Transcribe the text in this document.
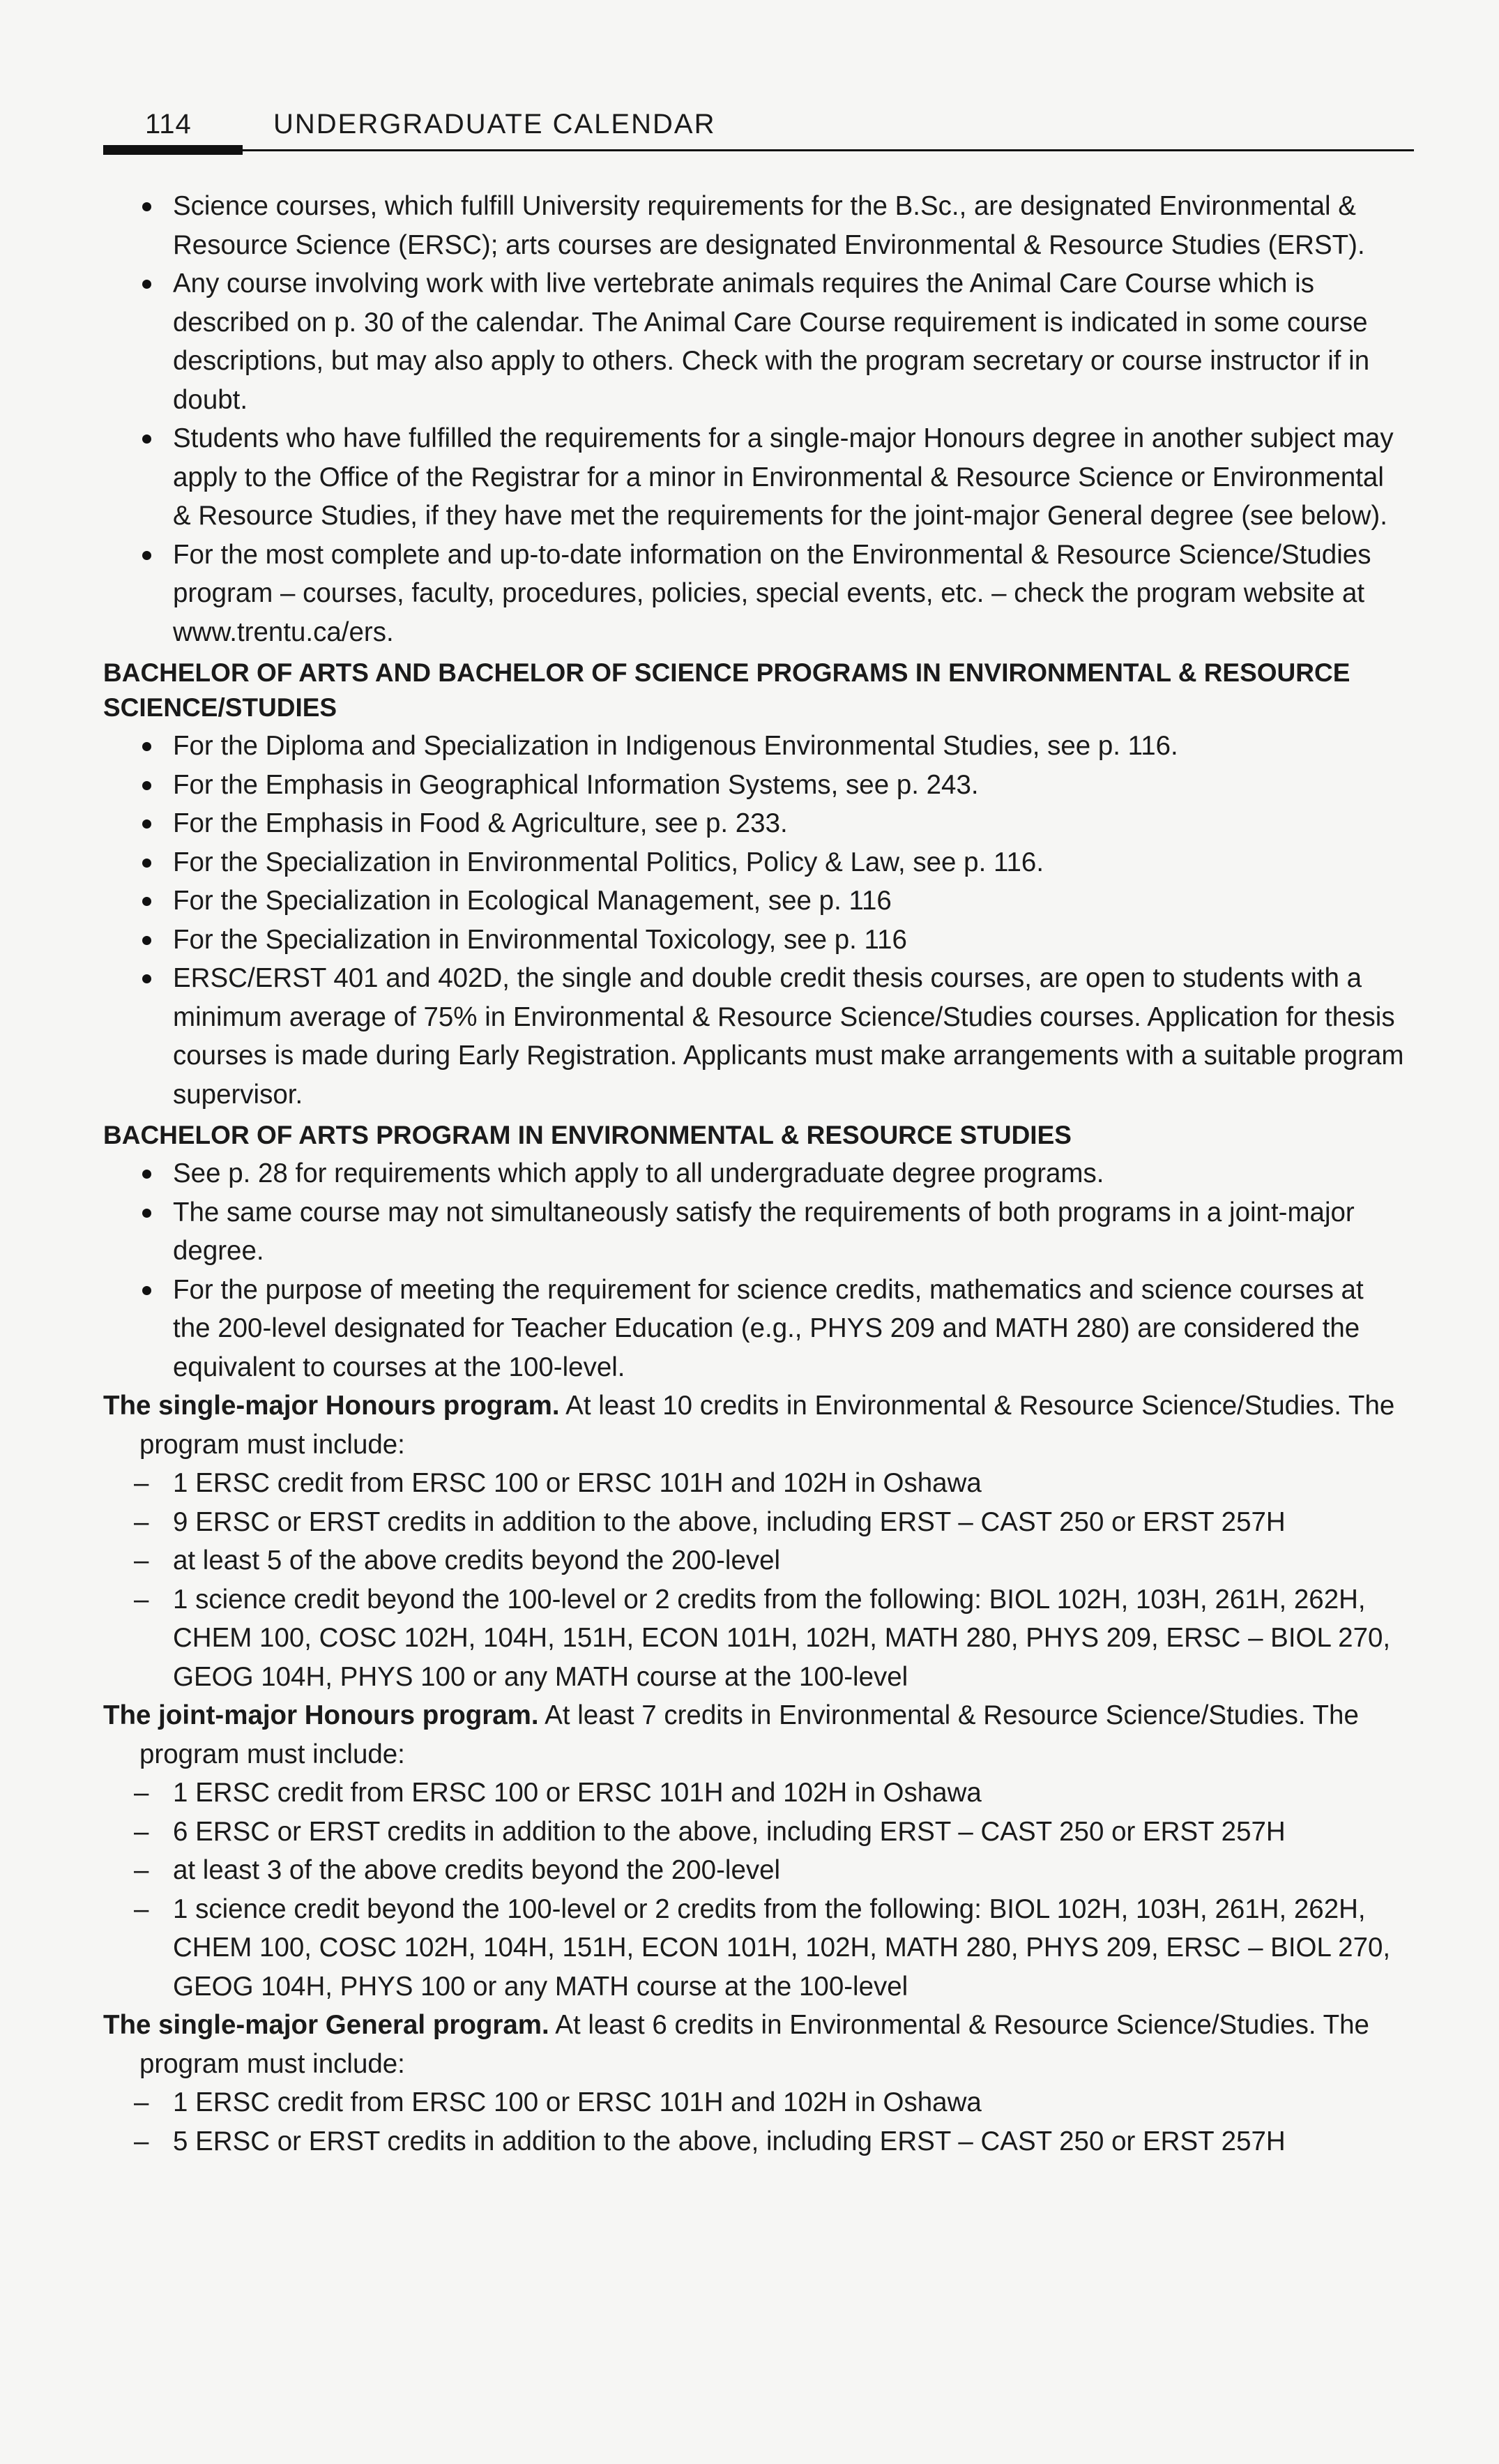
114	UNDERGRADUATE CALENDAR
Science courses, which fulfill University requirements for the B.Sc., are designated Environmental & Resource Science (ERSC); arts courses are designated Environmental & Resource Studies (ERST).
Any course involving work with live vertebrate animals requires the Animal Care Course which is described on p. 30 of the calendar. The Animal Care Course requirement is indicated in some course descriptions, but may also apply to others. Check with the program secretary or course instructor if in doubt.
Students who have fulfilled the requirements for a single-major Honours degree in another subject may apply to the Office of the Registrar for a minor in Environmental & Resource Science or Environmental & Resource Studies, if they have met the requirements for the joint-major General degree (see below).
For the most complete and up-to-date information on the Environmental & Resource Science/Studies program – courses, faculty, procedures, policies, special events, etc. – check the program website at www.trentu.ca/ers.
BACHELOR OF ARTS AND BACHELOR OF SCIENCE PROGRAMS IN ENVIRONMENTAL & RESOURCE SCIENCE/STUDIES
For the Diploma and Specialization in Indigenous Environmental Studies, see p. 116.
For the Emphasis in Geographical Information Systems, see p. 243.
For the Emphasis in Food & Agriculture, see p. 233.
For the Specialization in Environmental Politics, Policy & Law, see p. 116.
For the Specialization in Ecological Management, see p. 116
For the Specialization in Environmental Toxicology, see p. 116
ERSC/ERST 401 and 402D, the single and double credit thesis courses, are open to students with a minimum average of 75% in Environmental & Resource Science/Studies courses. Application for thesis courses is made during Early Registration. Applicants must make arrangements with a suitable program supervisor.
BACHELOR OF ARTS PROGRAM IN ENVIRONMENTAL & RESOURCE STUDIES
See p. 28 for requirements which apply to all undergraduate degree programs.
The same course may not simultaneously satisfy the requirements of both programs in a joint-major degree.
For the purpose of meeting the requirement for science credits, mathematics and science courses at the 200-level designated for Teacher Education (e.g., PHYS 209 and MATH 280) are considered the equivalent to courses at the 100-level.
The single-major Honours program. At least 10 credits in Environmental & Resource Science/Studies. The program must include:
– 1 ERSC credit from ERSC 100 or ERSC 101H and 102H in Oshawa
– 9 ERSC or ERST credits in addition to the above, including ERST – CAST 250 or ERST 257H
– at least 5 of the above credits beyond the 200-level
– 1 science credit beyond the 100-level or 2 credits from the following: BIOL 102H, 103H, 261H, 262H, CHEM 100, COSC 102H, 104H, 151H, ECON 101H, 102H, MATH 280, PHYS 209, ERSC – BIOL 270, GEOG 104H, PHYS 100 or any MATH course at the 100-level
The joint-major Honours program. At least 7 credits in Environmental & Resource Science/Studies. The program must include:
– 1 ERSC credit from ERSC 100 or ERSC 101H and 102H in Oshawa
– 6 ERSC or ERST credits in addition to the above, including ERST – CAST 250 or ERST 257H
– at least 3 of the above credits beyond the 200-level
– 1 science credit beyond the 100-level or 2 credits from the following: BIOL 102H, 103H, 261H, 262H, CHEM 100, COSC 102H, 104H, 151H, ECON 101H, 102H, MATH 280, PHYS 209, ERSC – BIOL 270, GEOG 104H, PHYS 100 or any MATH course at the 100-level
The single-major General program. At least 6 credits in Environmental & Resource Science/Studies. The program must include:
– 1 ERSC credit from ERSC 100 or ERSC 101H and 102H in Oshawa
– 5 ERSC or ERST credits in addition to the above, including ERST – CAST 250 or ERST 257H
